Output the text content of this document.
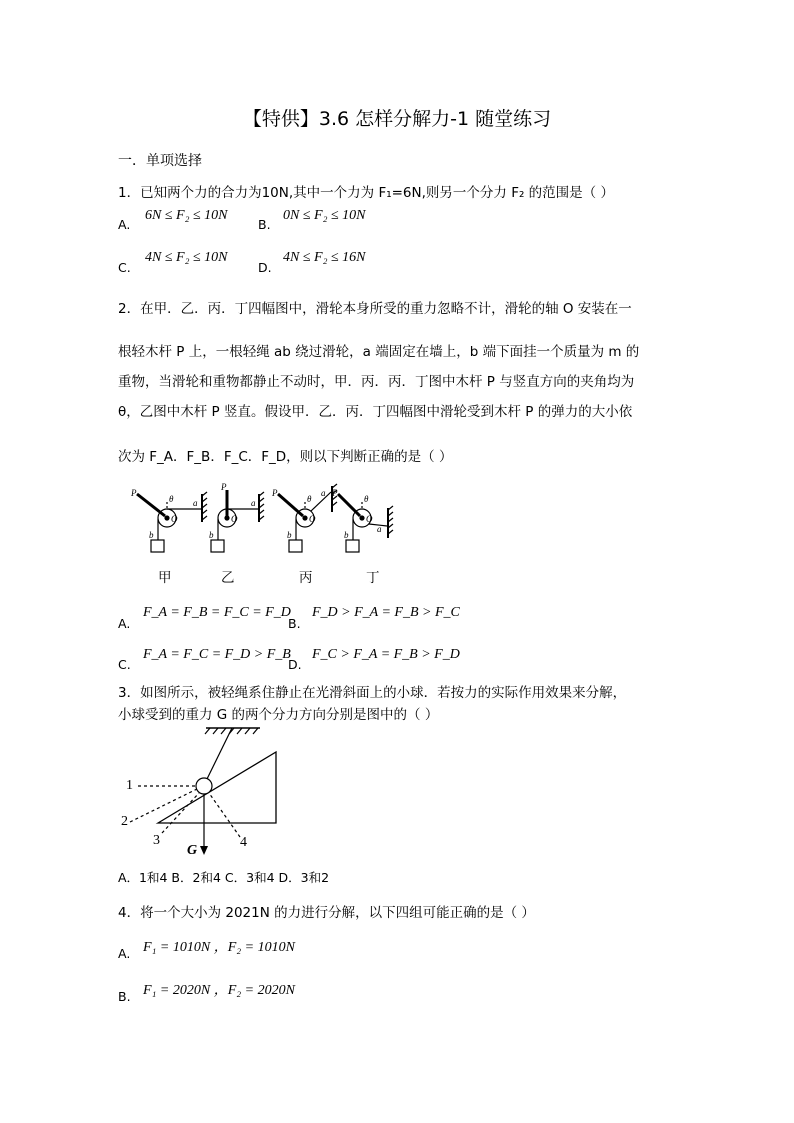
【特供】3.6 怎样分解力-1 随堂练习
一．单项选择
1．已知两个力的合力为10N,其中一个力为 F₁=6N,则另一个分力 F₂ 的范围是（ ）
A.
6N ≤ F₂ ≤ 10N
B.
0N ≤ F₂ ≤ 10N
C.
4N ≤ F₂ ≤ 10N
D.
4N ≤ F₂ ≤ 16N
2．在甲．乙．丙．丁四幅图中，滑轮本身所受的重力忽略不计，滑轮的轴 O 安装在一
根轻木杆 P 上，一根轻绳 ab 绕过滑轮，a 端固定在墙上，b 端下面挂一个质量为 m 的
重物，当滑轮和重物都静止不动时，甲．丙．丙．丁图中木杆 P 与竖直方向的夹角均为
θ，乙图中木杆 P 竖直。假设甲．乙．丙．丁四幅图中滑轮受到木杆 P 的弹力的大小依
次为 F_A．F_B．F_C．F_D，则以下判断正确的是（ ）
P
θ
O
a
b
P
O
a
b
P
θ
O
a
b
P
θ
O
a
b
甲	乙	丙	丁
A.
F_A = F_B = F_C = F_D
B.
F_D > F_A = F_B > F_C
C.
F_A = F_C = F_D > F_B
D.
F_C > F_A = F_B > F_D
3．如图所示，被轻绳系住静止在光滑斜面上的小球．若按力的实际作用效果来分解，
小球受到的重力 G 的两个分力方向分别是图中的（ ）
1
2
3	4
G
A．1和4 B．2和4 C．3和4 D．3和2
4．将一个大小为 2021N 的力进行分解，以下四组可能正确的是（ ）
A. F₁ = 1010N ，F₂ = 1010N
B. F₁ = 2020N ，F₂ = 2020N
